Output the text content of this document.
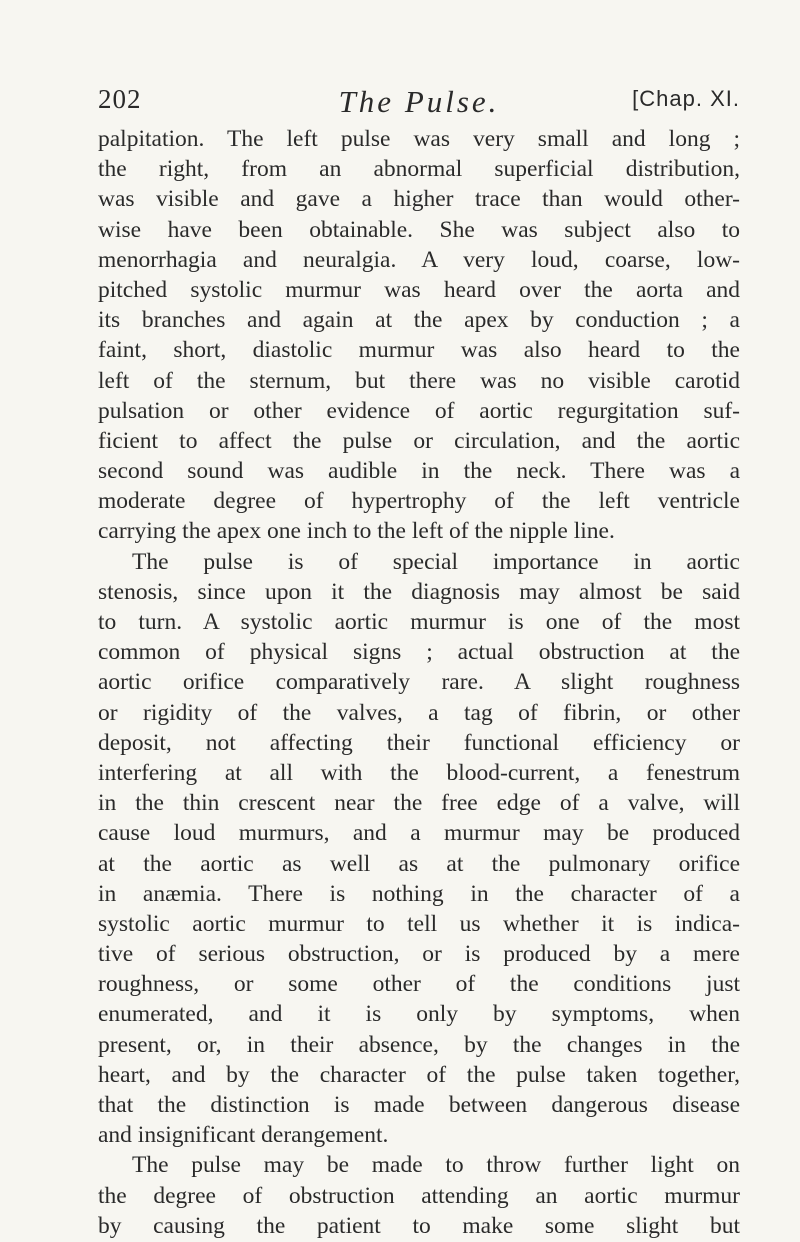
202	The Pulse.	[Chap. XI.
palpitation. The left pulse was very small and long ;
the right, from an abnormal superficial distribution,
was visible and gave a higher trace than would other-
wise have been obtainable. She was subject also to
menorrhagia and neuralgia. A very loud, coarse, low-
pitched systolic murmur was heard over the aorta and
its branches and again at the apex by conduction ; a
faint, short, diastolic murmur was also heard to the
left of the sternum, but there was no visible carotid
pulsation or other evidence of aortic regurgitation suf-
ficient to affect the pulse or circulation, and the aortic
second sound was audible in the neck. There was a
moderate degree of hypertrophy of the left ventricle
carrying the apex one inch to the left of the nipple line.
The pulse is of special importance in aortic
stenosis, since upon it the diagnosis may almost be said
to turn. A systolic aortic murmur is one of the most
common of physical signs ; actual obstruction at the
aortic orifice comparatively rare. A slight roughness
or rigidity of the valves, a tag of fibrin, or other
deposit, not affecting their functional efficiency or
interfering at all with the blood-current, a fenestrum
in the thin crescent near the free edge of a valve, will
cause loud murmurs, and a murmur may be produced
at the aortic as well as at the pulmonary orifice
in anæmia. There is nothing in the character of a
systolic aortic murmur to tell us whether it is indica-
tive of serious obstruction, or is produced by a mere
roughness, or some other of the conditions just
enumerated, and it is only by symptoms, when
present, or, in their absence, by the changes in the
heart, and by the character of the pulse taken together,
that the distinction is made between dangerous disease
and insignificant derangement.
The pulse may be made to throw further light on
the degree of obstruction attending an aortic murmur
by causing the patient to make some slight but
